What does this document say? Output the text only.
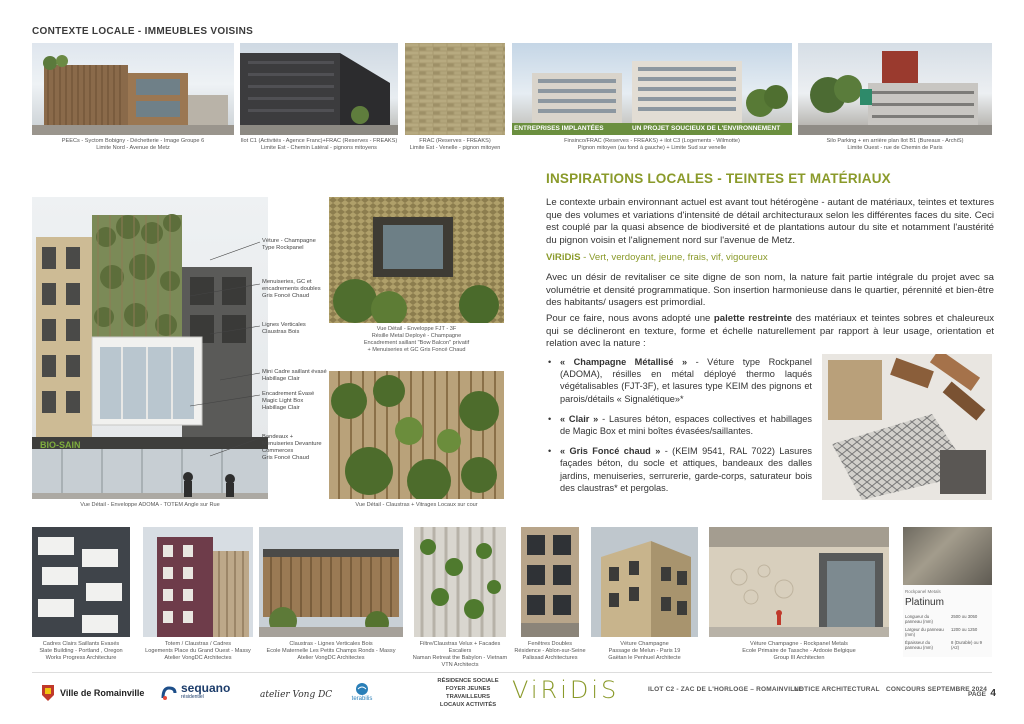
CONTEXTE LOCALE - IMMEUBLES VOISINS
PEECs - Syctom Bobigny - Déchetterie - Image Groupe 6
Limite Nord - Avenue de Metz
Ilot C1 (Activités - Agence Franc)+FRAC (Reserves - FREAKS)
Limite Est - Chemin Latéral - pignons mitoyens
FRAC (Reserves - FREAKS)
Limite Est - Venelle - pignon mitoyen
ENTREPRISES IMPLANTÉES	UN PROJET SOUCIEUX DE L'ENVIRONNEMENT
Finsinco/FRAC (Reserves - FREAKS) + ilot C3 (Logements - Wilmotte)
Pignon mitoyen (au fond à gauche) + Limite Sud sur venelle
Silo Parking + en arrière plan Ilot B1 (Bureaux - ArchiS)
Limite Ouest - rue de Chemin de Paris
BIO-SAIN
Vue Détail - Enveloppe ADOMA - TOTEM Angle sur Rue
Véture - Champagne
Type Rockpanel
Menuiseries, GC et
encadrements doubles
Gris Foncé Chaud
Lignes Verticales
Claustras Bois
Mini Cadre saillant évasé
Habillage Clair
Encadrement Évasé
Magic Light Box
Habillage Clair
Bandeaux +
Menuiseries Devanture
Commerces
Gris Foncé Chaud
Vue Détail - Enveloppe FJT - 3F
Résille Metal Deployé - Champagne
Encadrement saillant "Bow Balcon" privatif
+ Menuiseries et GC Gris Foncé Chaud
Vue Détail - Claustras + Vitrages Locaux sur cour
INSPIRATIONS LOCALES - TEINTES ET MATÉRIAUX
Le contexte urbain environnant actuel est avant tout hétérogène - autant de matériaux, teintes et textures que des volumes et variations d'intensité de détail architecturaux selon les différentes faces du site. Ceci est couplé par la quasi absence de biodiversité et de plantations autour du site et notamment l'austérité du pignon voisin et l'alignement nord sur l'avenue de Metz.
ViRiDiS - Vert, verdoyant, jeune, frais, vif, vigoureux
Avec un désir de revitaliser ce site digne de son nom, la nature fait partie intégrale du projet avec sa volumétrie et densité programmatique. Son insertion harmonieuse dans le quartier, pérennité et bien-être des habitants/ usagers est primordial.
Pour ce faire, nous avons adopté une palette restreinte des matériaux et teintes sobres et chaleureux qui se déclineront en texture, forme et échelle naturellement par rapport à leur usage, orientation et relation avec la nature :
• « Champagne Métallisé » - Véture type Rockpanel (ADOMA), résilles en métal déployé thermo laqués végétalisables (FJT-3F), et lasures type KEIM des pignons et parois/détails « Signalétique»*
• « Clair » - Lasures béton, espaces collectives et habillages de Magic Box et mini boîtes évasées/saillantes.
• « Gris Foncé chaud » - (KEIM 9541, RAL 7022) Lasures façades béton, du socle et attiques, bandeaux des dalles jardins, menuiseries, serrurerie, garde-corps, saturateur bois des claustras* et pergolas.
Cadres Clairs Saillants Evasés
Slate Building - Portland , Oregon
Works Progress Architecture
Totem / Claustras / Cadres
Logements Place du Grand Ouest - Massy
Atelier VongDC Architectes
Claustras - Lignes Verticales Bois
Ecole Maternelle Les Petits Champs Ronds - Massy
Atelier VongDC Architectes
Filtre/Claustras Velux + Facades Escaliers
Naman Retreat the Babylon - Vietnam
VTN Architects
Fenêtres Doubles
Résidence - Ablon-sur-Seine
Palissad Architectures
Véture Champagne
Passage de Melun - Paris 19
Gaëtan le Penhuel Architecte
Véture Champagne - Rockpanel Metals
Ecole Primaire de Tassche - Ardooie Belgique
Group III Architecten
Rockpanel Metals
Platinum
Longueur du panneau (mm)
2500 ou 3050
Largeur du panneau (mm)
1200 ou 1250
Épaisseur du panneau (mm)
8 (Durable) ou 9 (A2)
Ville de Romainville	sequano
résidentiel	atelier Vong DC	terabilis
RÉSIDENCE SOCIALE
FOYER JEUNES TRAVAILLEURS
LOCAUX ACTIVITÉS
ViRiDiS	ILOT C2 - ZAC DE L'HORLOGE – ROMAINVILLE
NOTICE ARCHITECTURAL CONCOURS SEPTEMBRE 2024
PAGE 4
